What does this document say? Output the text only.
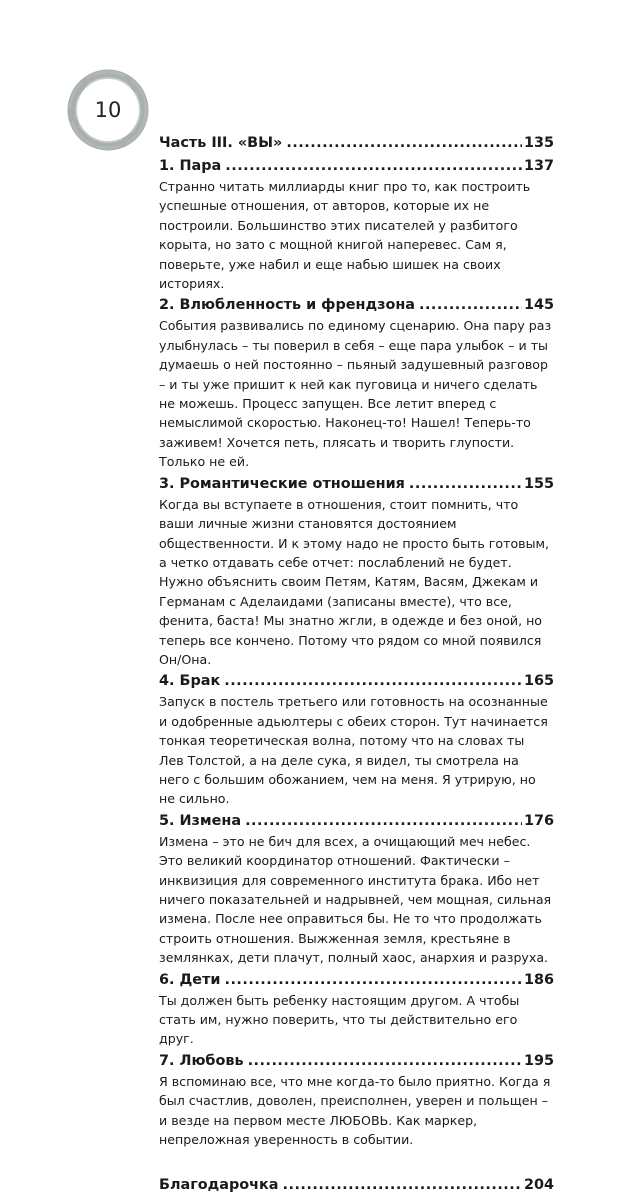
10
Часть III. «ВЫ» .....	135
1. Пара .....	137

Странно читать миллиарды книг про то, как построить успешные отношения, от авторов, которые их не построили. Большинство этих писателей у разбитого корыта, но зато с мощной книгой наперевес. Сам я, поверьте, уже набил и еще набью шишек на своих историях.

2. Влюбленность и френдзона .....	145

События развивались по единому сценарию. Она пару раз улыбнулась – ты поверил в себя – еще пара улыбок – и ты думаешь о ней постоянно – пьяный задушевный разговор – и ты уже пришит к ней как пуговица и ничего сделать не можешь. Процесс запущен. Все летит вперед с немыслимой скоростью. Наконец-то! Нашел! Теперь-то заживем! Хочется петь, плясать и творить глупости. Только не ей.

3. Романтические отношения .....	155

Когда вы вступаете в отношения, стоит помнить, что ваши личные жизни становятся достоянием общественности. И к этому надо не просто быть готовым, а четко отдавать себе отчет: послаблений не будет. Нужно объяснить своим Петям, Катям, Васям, Джекам и Германам с Аделаидами (записаны вместе), что все, фенита, баста! Мы знатно жгли, в одежде и без оной, но теперь все кончено. Потому что рядом со мной появился Он/Она.

4. Брак .....	165

Запуск в постель третьего или готовность на осознанные и одобренные адьюлтеры с обеих сторон. Тут начинается тонкая теоретическая волна, потому что на словах ты Лев Толстой, а на деле сука, я видел, ты смотрела на него с большим обожанием, чем на меня. Я утрирую, но не сильно.

5. Измена .....	176

Измена – это не бич для всех, а очищающий меч небес. Это великий координатор отношений. Фактически – инквизиция для современного института брака. Ибо нет ничего показательней и надрывней, чем мощная, сильная измена. После нее оправиться бы. Не то что продолжать строить отношения. Выжженная земля, крестьяне в землянках, дети плачут, полный хаос, анархия и разруха.

6. Дети .....	186

Ты должен быть ребенку настоящим другом. А чтобы стать им, нужно поверить, что ты действительно его друг.

7. Любовь .....	195

Я вспоминаю все, что мне когда-то было приятно. Когда я был счастлив, доволен, преисполнен, уверен и польщен – и везде на первом месте ЛЮБОВЬ. Как маркер, непреложная уверенность в событии.

Благодарочка .....	204
